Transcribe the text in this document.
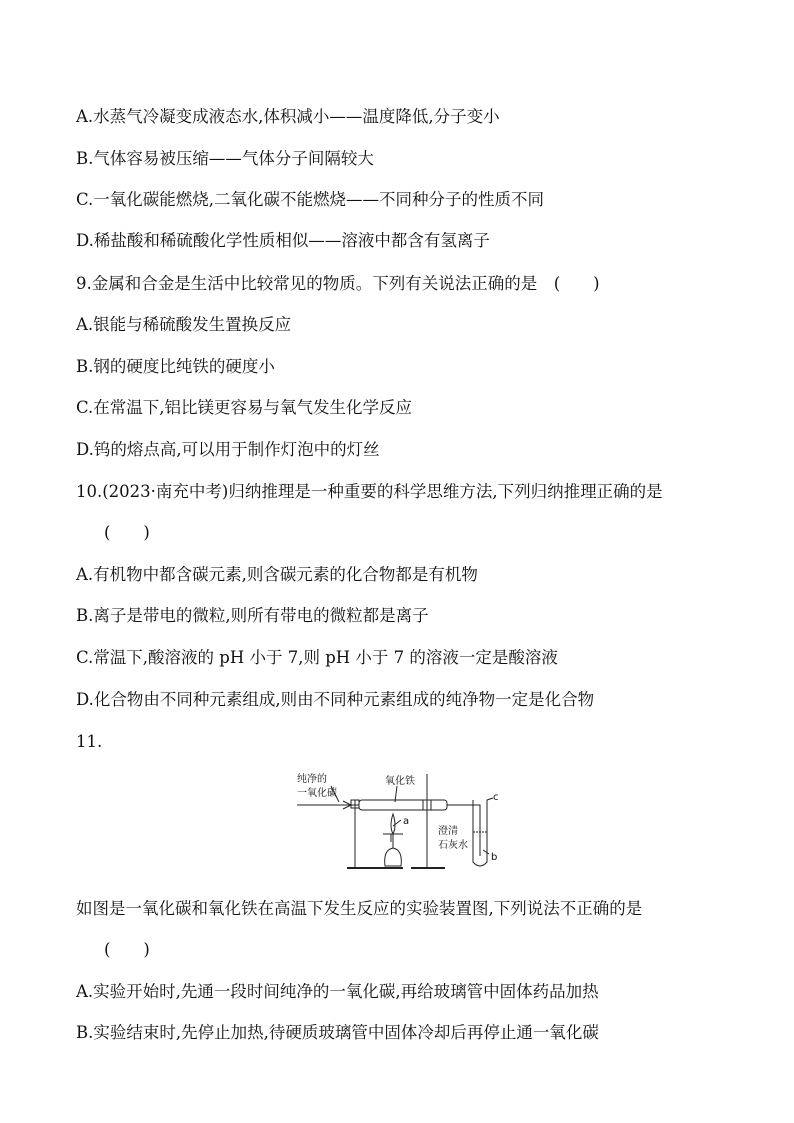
A.水蒸气冷凝变成液态水,体积减小——温度降低,分子变小
B.气体容易被压缩——气体分子间隔较大
C.一氧化碳能燃烧,二氧化碳不能燃烧——不同种分子的性质不同
D.稀盐酸和稀硫酸化学性质相似——溶液中都含有氢离子
9.金属和合金是生活中比较常见的物质。下列有关说法正确的是　(　　)
A.银能与稀硫酸发生置换反应
B.钢的硬度比纯铁的硬度小
C.在常温下,铝比镁更容易与氧气发生化学反应
D.钨的熔点高,可以用于制作灯泡中的灯丝
10.(2023·南充中考)归纳推理是一种重要的科学思维方法,下列归纳推理正确的是
(　　)
A.有机物中都含碳元素,则含碳元素的化合物都是有机物
B.离子是带电的微粒,则所有带电的微粒都是离子
C.常温下,酸溶液的 pH 小于 7,则 pH 小于 7 的溶液一定是酸溶液
D.化合物由不同种元素组成,则由不同种元素组成的纯净物一定是化合物
11.
纯净的
一氧化碳
氧化铁
澄清
石灰水
a
b
c
如图是一氧化碳和氧化铁在高温下发生反应的实验装置图,下列说法不正确的是
(　　)
A.实验开始时,先通一段时间纯净的一氧化碳,再给玻璃管中固体药品加热
B.实验结束时,先停止加热,待硬质玻璃管中固体冷却后再停止通一氧化碳
